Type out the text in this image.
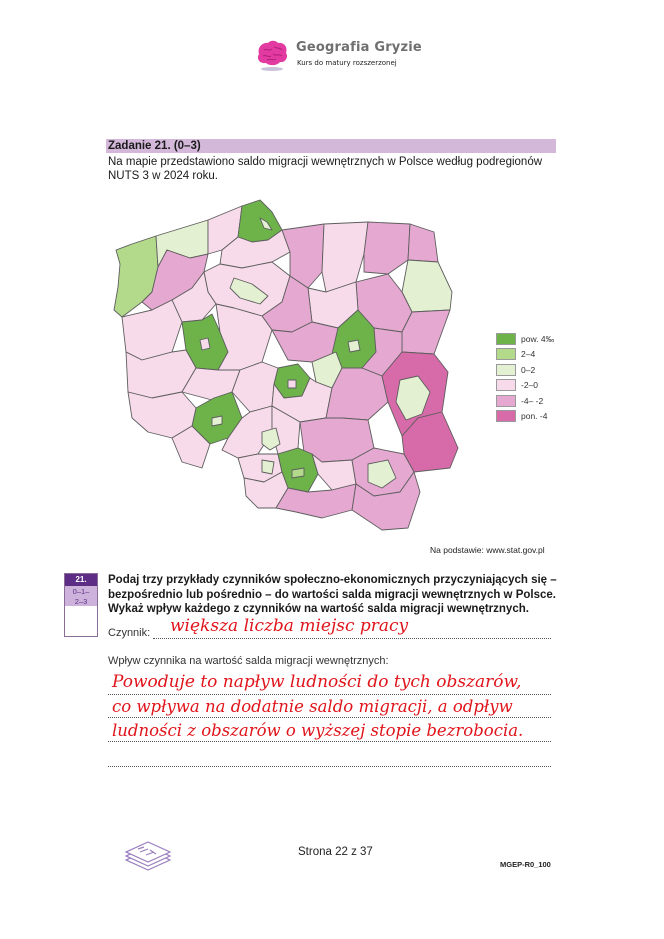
Geografia Gryzie
Kurs do matury rozszerzonej
Zadanie 21. (0–3)
Na mapie przedstawiono saldo migracji wewnętrznych w Polsce według podregionów
NUTS 3 w 2024 roku.
pow. 4‰
2–4
0–2
-2–0
-4– -2
pon. -4
Na podstawie: www.stat.gov.pl
21.
0–1–
2–3
Podaj trzy przykłady czynników społeczno-ekonomicznych przyczyniających się –
bezpośrednio lub pośrednio – do wartości salda migracji wewnętrznych w Polsce.
Wykaż wpływ każdego z czynników na wartość salda migracji wewnętrznych.
Czynnik: większa liczba miejsc pracy
Wpływ czynnika na wartość salda migracji wewnętrznych:
Powoduje to napływ ludności do tych obszarów,
co wpływa na dodatnie saldo migracji, a odpływ
ludności z obszarów o wyższej stopie bezrobocia.
Strona 22 z 37
MGEP-R0_100
